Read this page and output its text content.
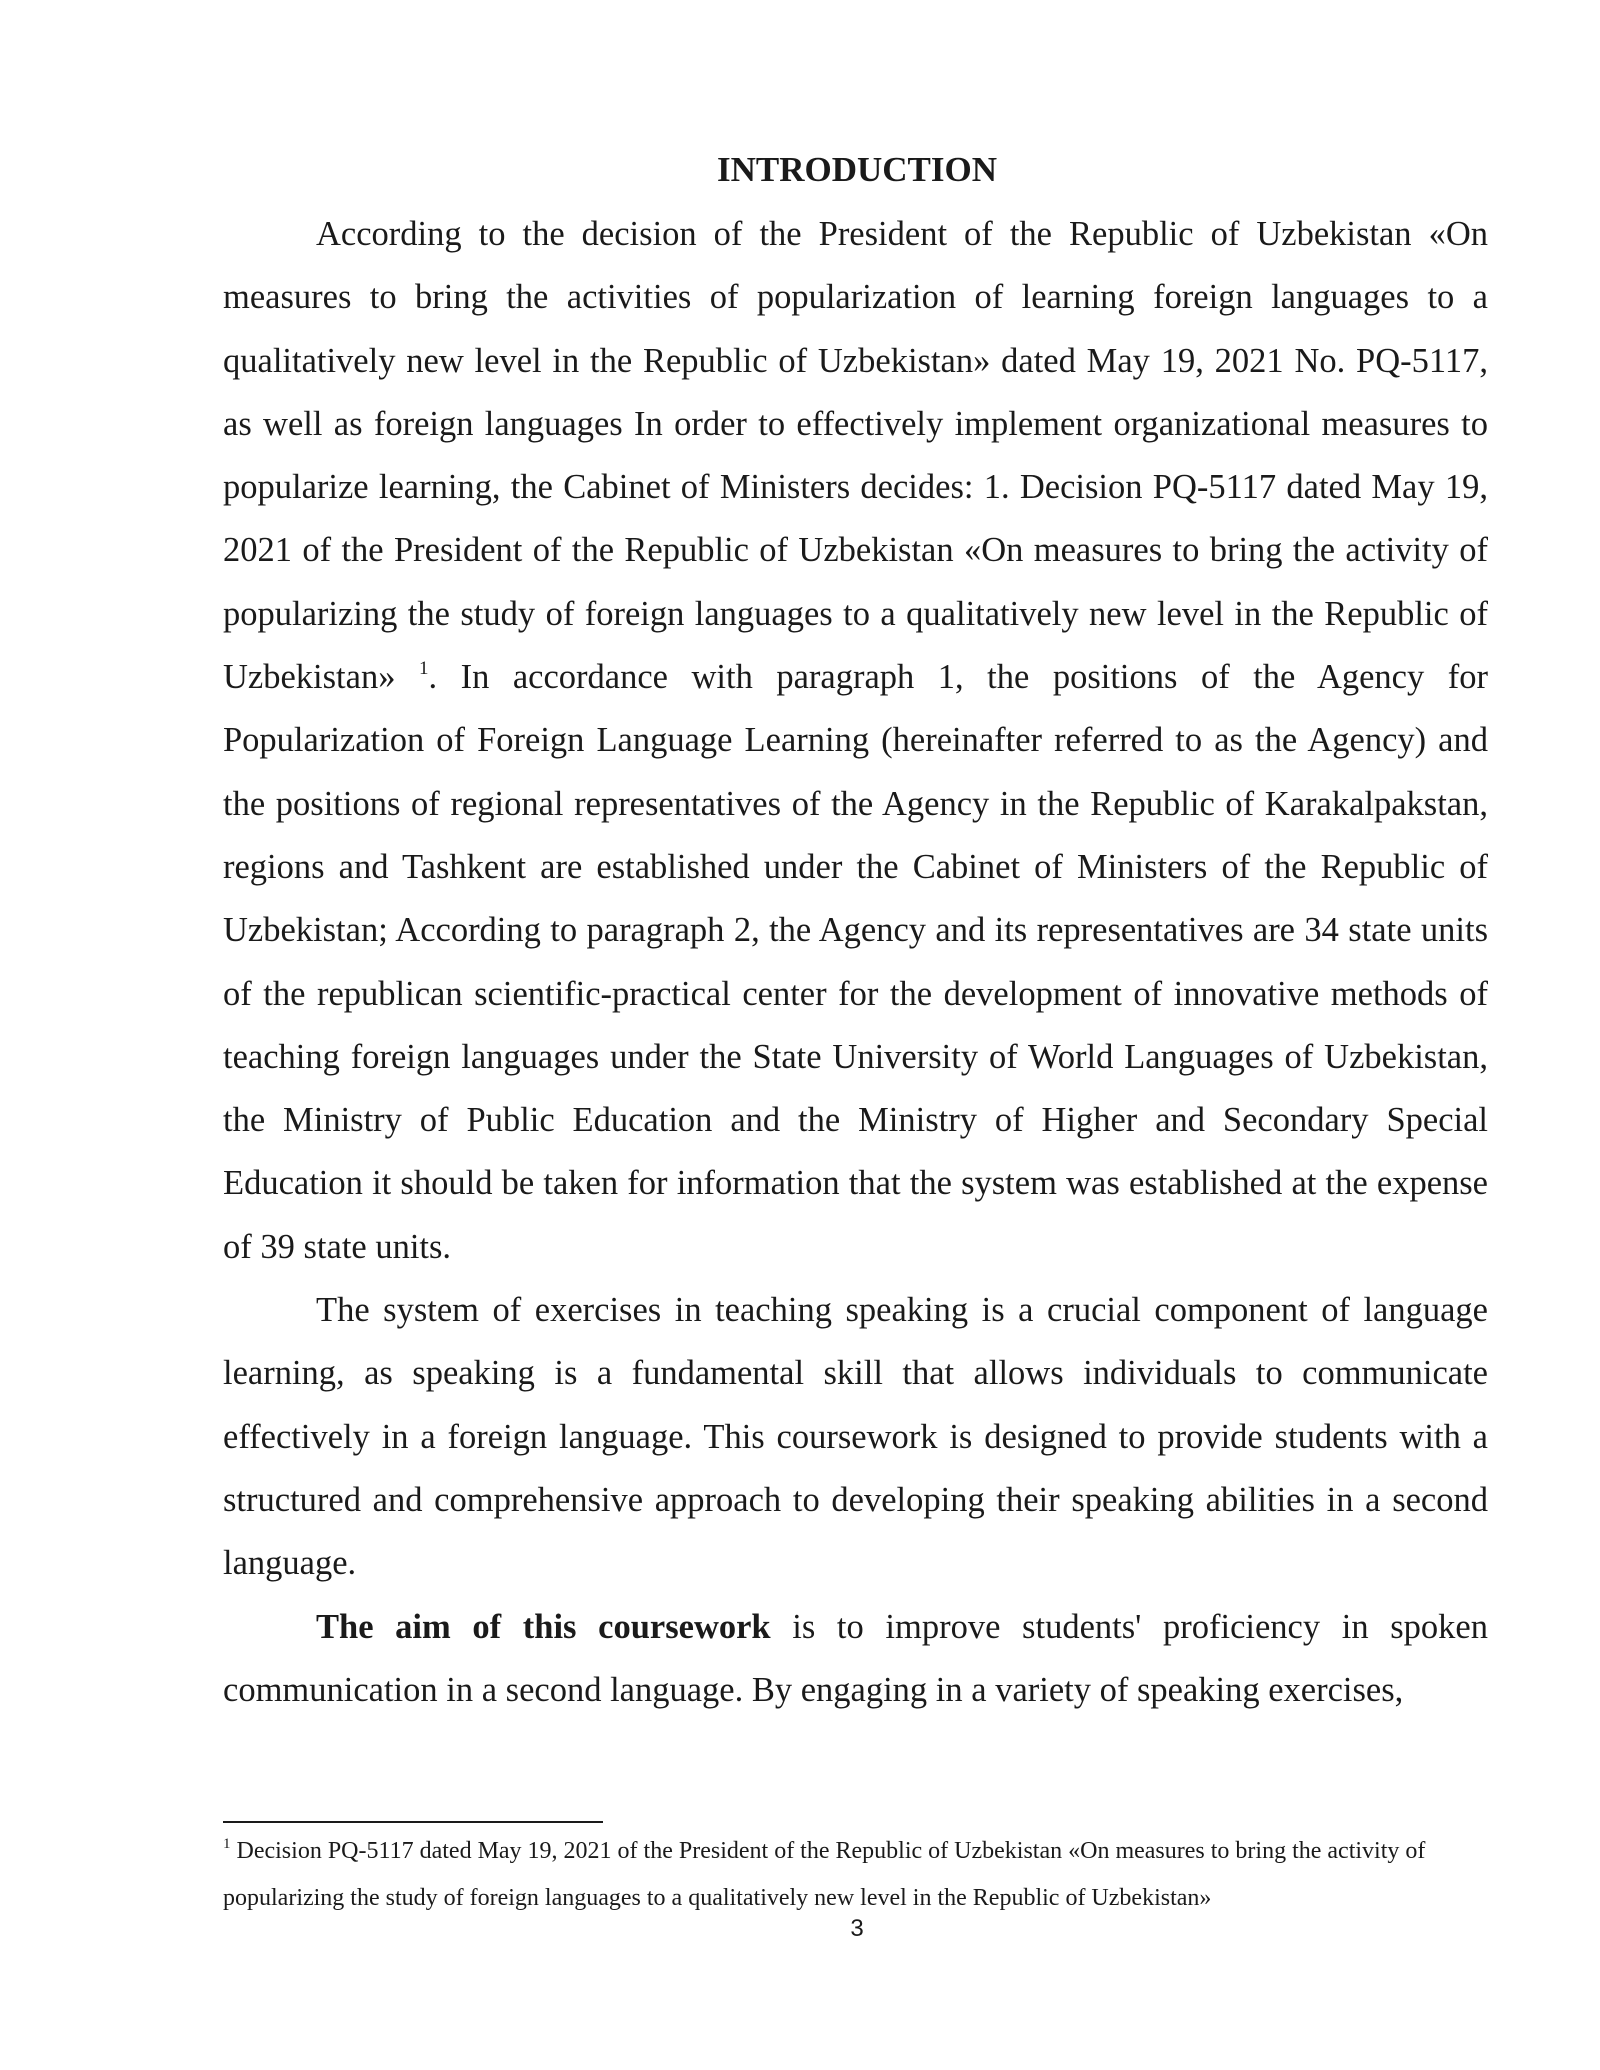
INTRODUCTION

According to the decision of the President of the Republic of Uzbekistan «On measures to bring the activities of popularization of learning foreign languages to a qualitatively new level in the Republic of Uzbekistan» dated May 19, 2021 No. PQ-5117, as well as foreign languages In order to effectively implement organizational measures to popularize learning, the Cabinet of Ministers decides: 1. Decision PQ-5117 dated May 19, 2021 of the President of the Republic of Uzbekistan «On measures to bring the activity of popularizing the study of foreign languages to a qualitatively new level in the Republic of Uzbekistan» $^1$. In accordance with paragraph 1, the positions of the Agency for Popularization of Foreign Language Learning (hereinafter referred to as the Agency) and the positions of regional representatives of the Agency in the Republic of Karakalpakstan, regions and Tashkent are established under the Cabinet of Ministers of the Republic of Uzbekistan; According to paragraph 2, the Agency and its representatives are 34 state units of the republican scientific-practical center for the development of innovative methods of teaching foreign languages under the State University of World Languages of Uzbekistan, the Ministry of Public Education and the Ministry of Higher and Secondary Special Education it should be taken for information that the system was established at the expense of 39 state units.

The system of exercises in teaching speaking is a crucial component of language learning, as speaking is a fundamental skill that allows individuals to communicate effectively in a foreign language. This coursework is designed to provide students with a structured and comprehensive approach to developing their speaking abilities in a second language.

The aim of this coursework is to improve students' proficiency in spoken communication in a second language. By engaging in a variety of speaking exercises,

$^1$ Decision PQ-5117 dated May 19, 2021 of the President of the Republic of Uzbekistan «On measures to bring the activity of popularizing the study of foreign languages to a qualitatively new level in the Republic of Uzbekistan»

3
